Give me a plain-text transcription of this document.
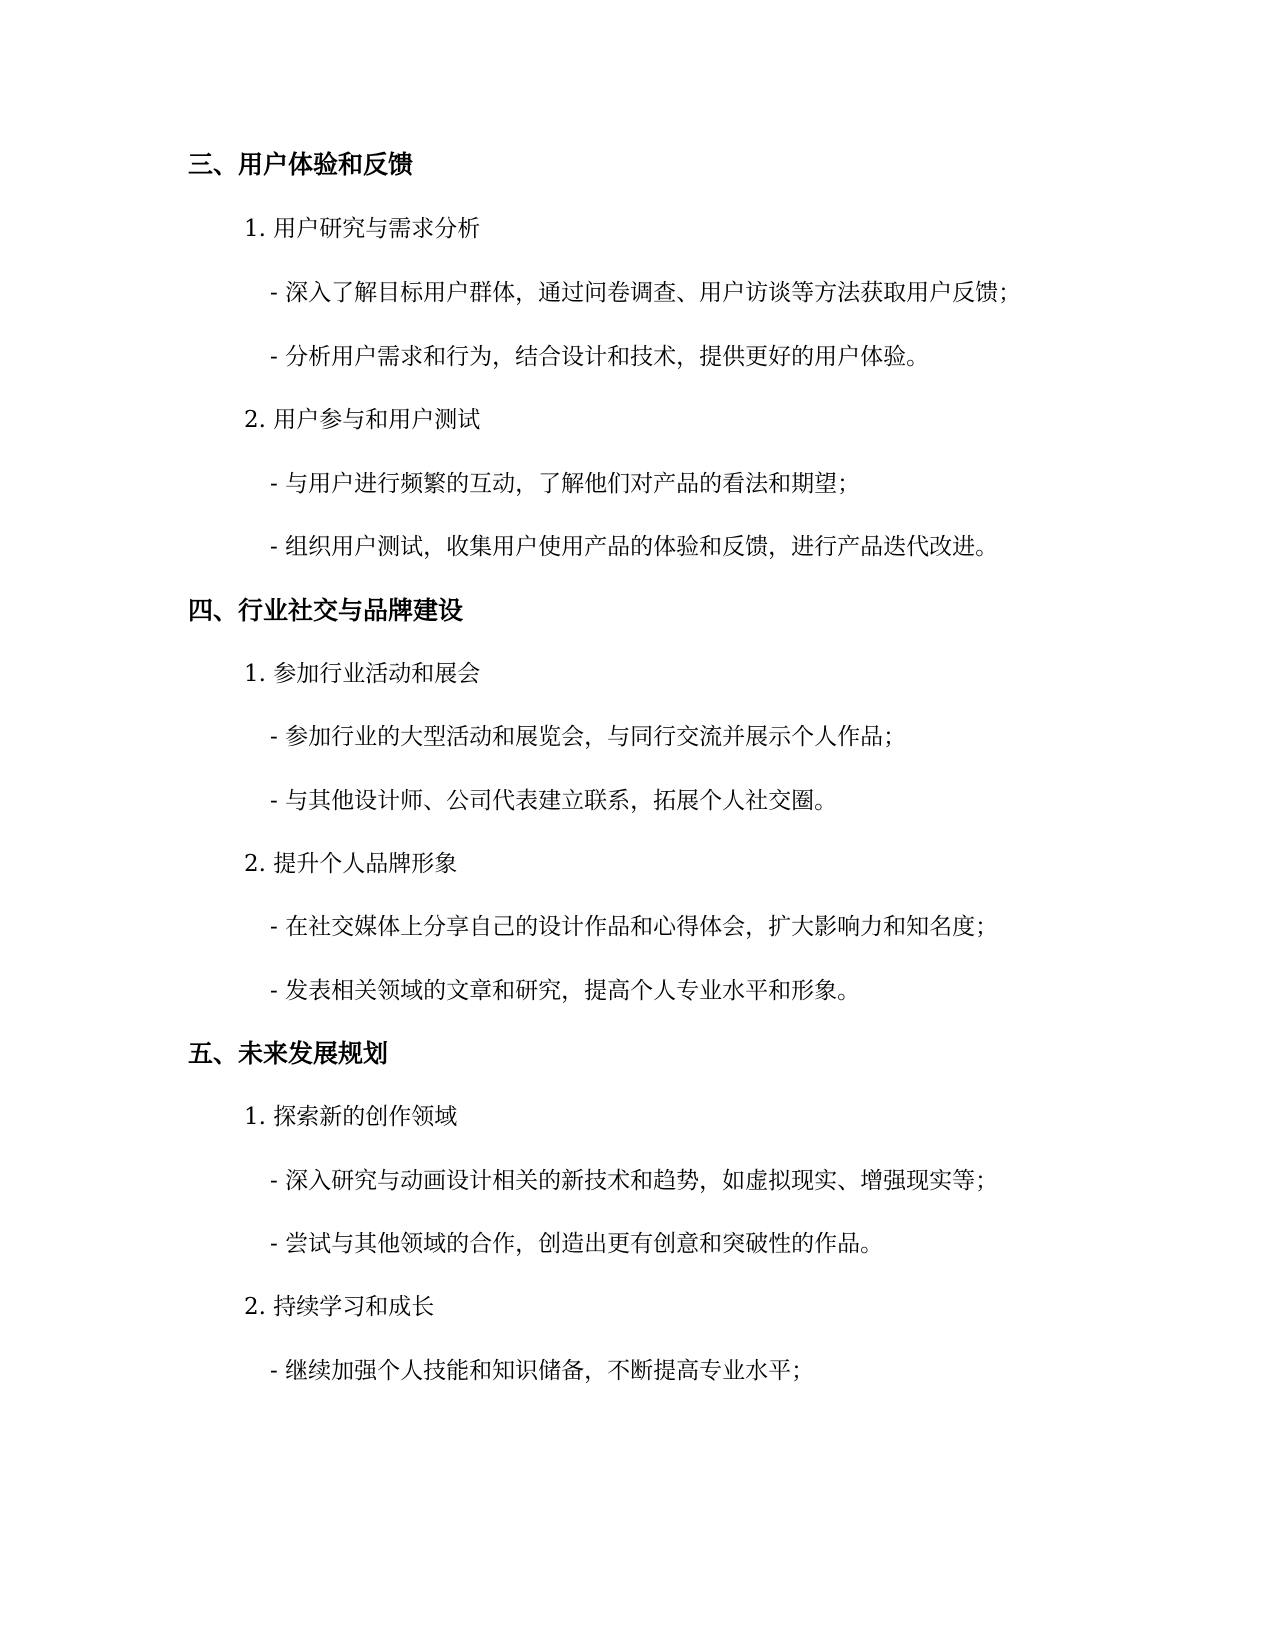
三、用户体验和反馈
1. 用户研究与需求分析
- 深入了解目标用户群体，通过问卷调查、用户访谈等方法获取用户反馈；
- 分析用户需求和行为，结合设计和技术，提供更好的用户体验。
2. 用户参与和用户测试
- 与用户进行频繁的互动，了解他们对产品的看法和期望；
- 组织用户测试，收集用户使用产品的体验和反馈，进行产品迭代改进。
四、行业社交与品牌建设
1. 参加行业活动和展会
- 参加行业的大型活动和展览会，与同行交流并展示个人作品；
- 与其他设计师、公司代表建立联系，拓展个人社交圈。
2. 提升个人品牌形象
- 在社交媒体上分享自己的设计作品和心得体会，扩大影响力和知名度；
- 发表相关领域的文章和研究，提高个人专业水平和形象。
五、未来发展规划
1. 探索新的创作领域
- 深入研究与动画设计相关的新技术和趋势，如虚拟现实、增强现实等；
- 尝试与其他领域的合作，创造出更有创意和突破性的作品。
2. 持续学习和成长
- 继续加强个人技能和知识储备，不断提高专业水平；
